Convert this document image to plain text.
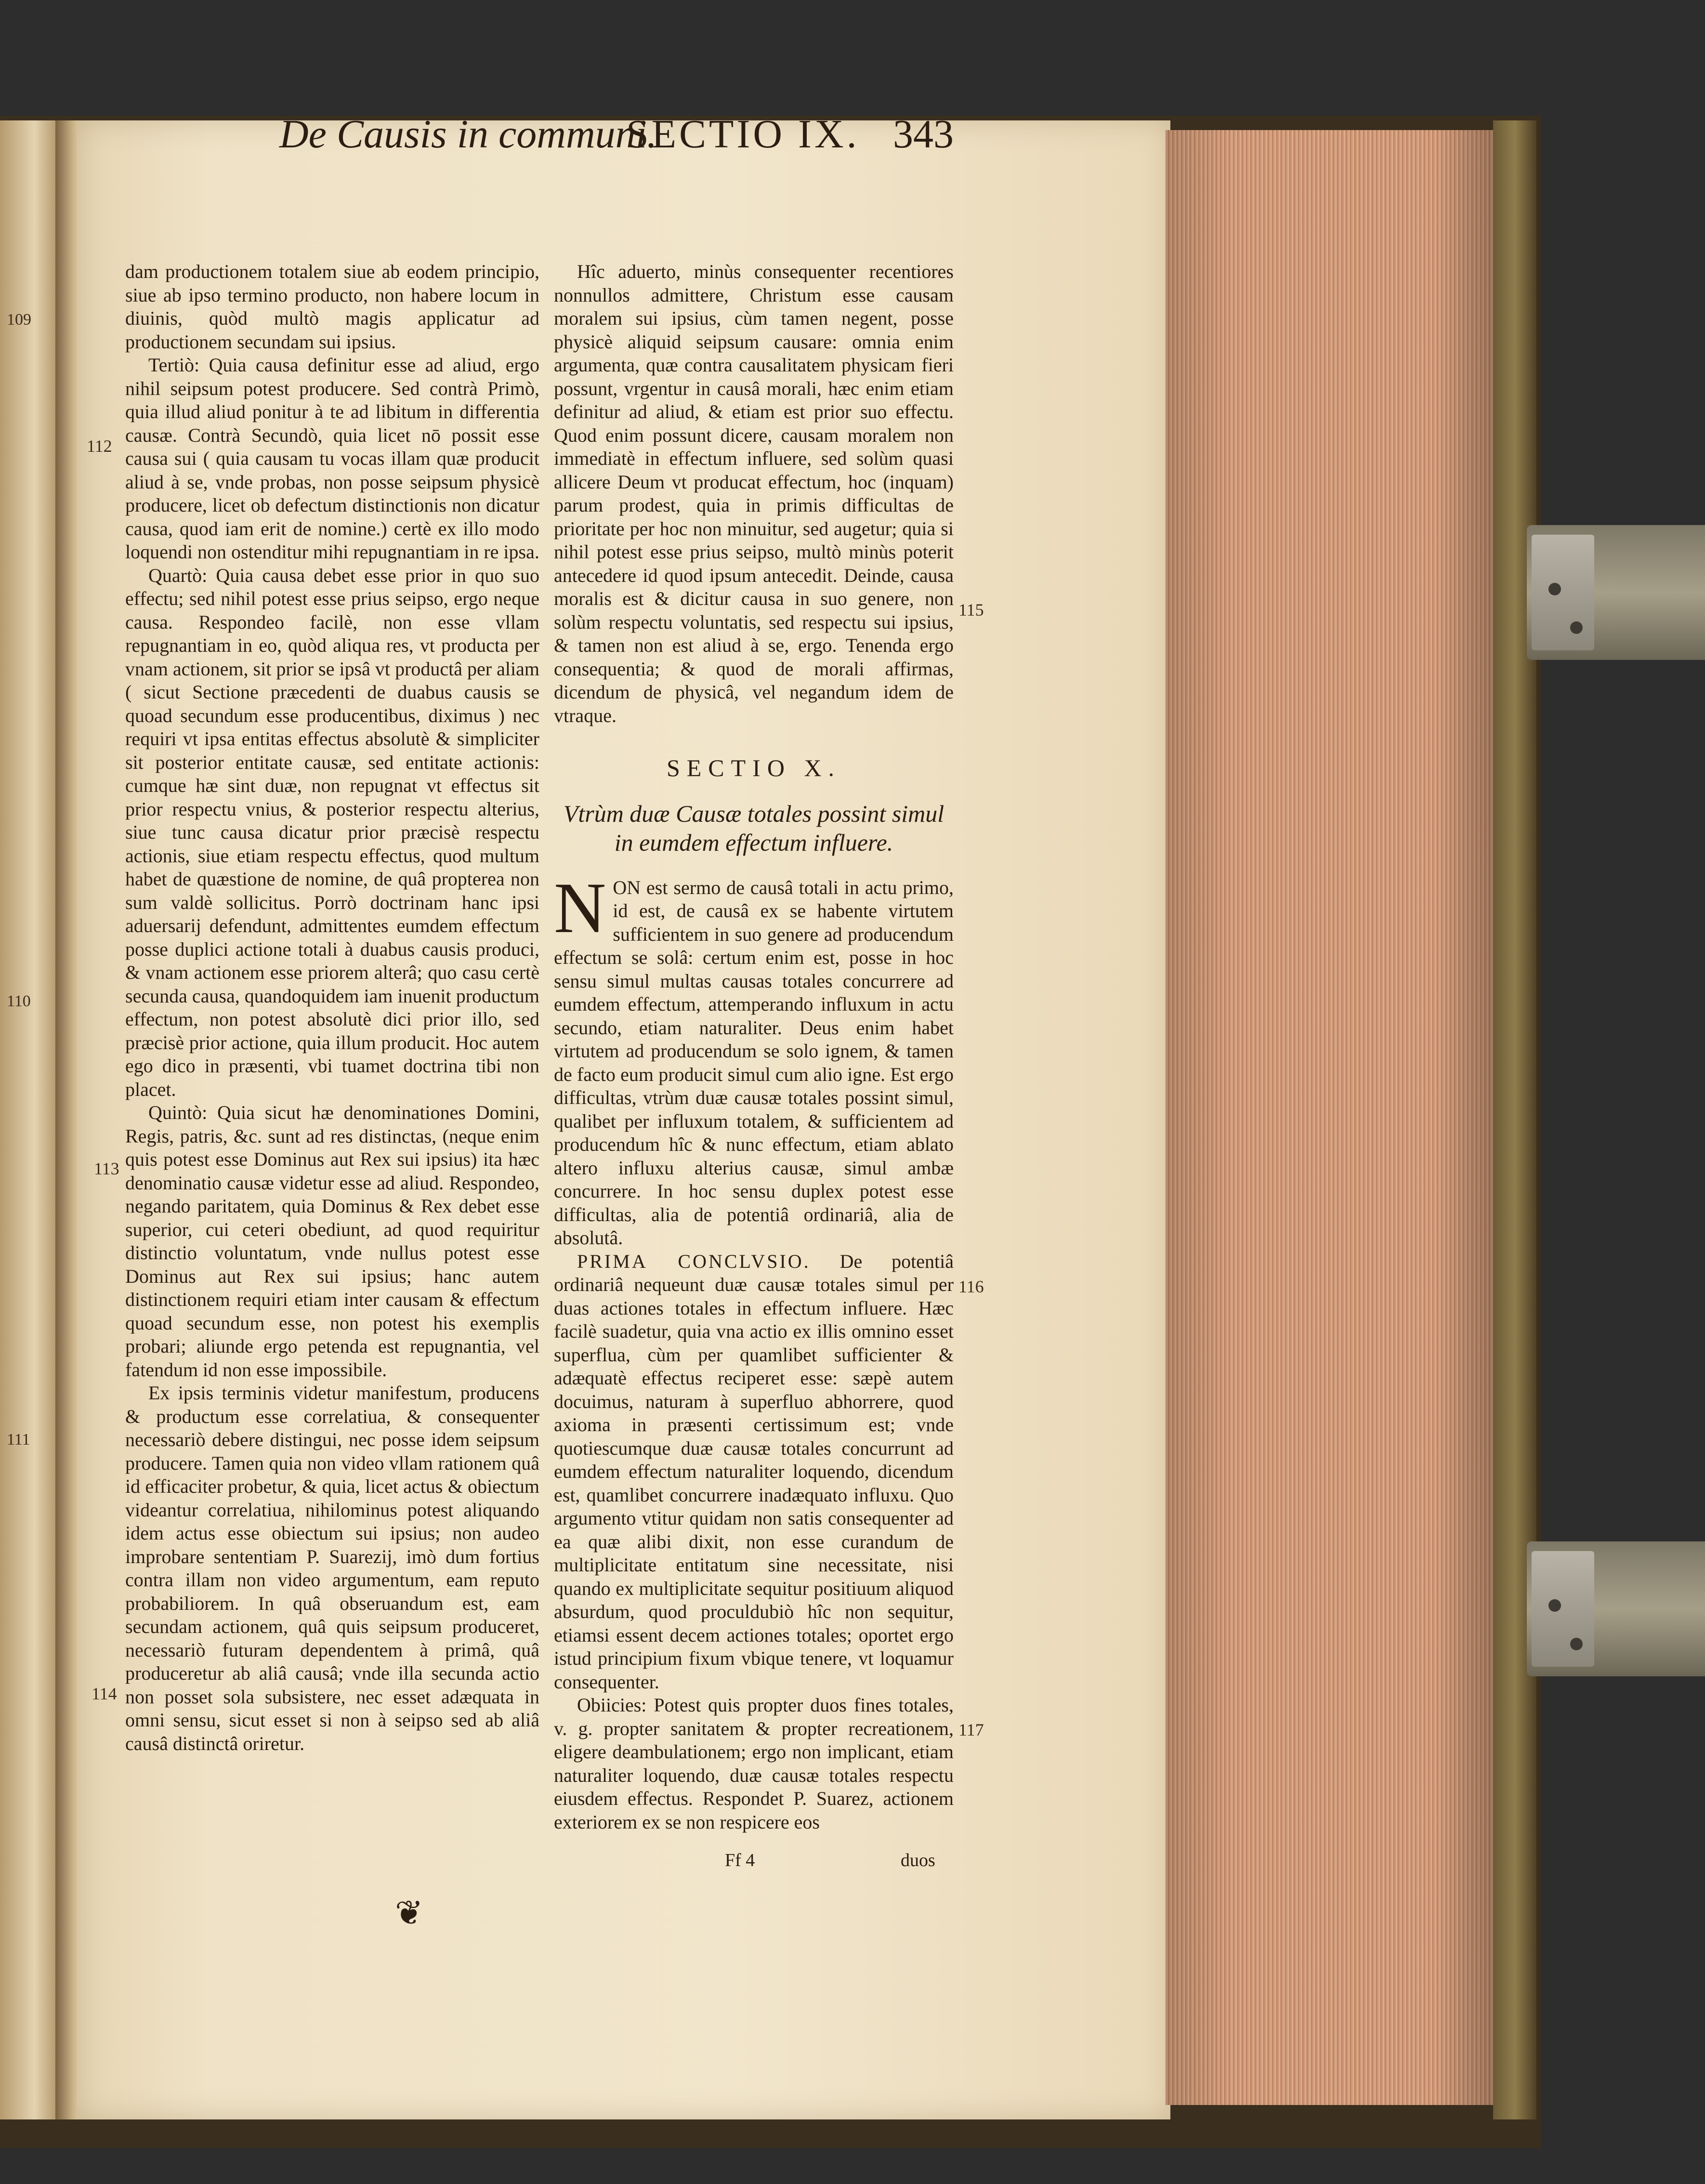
109
110
111
De Causis in communi.
SECTIO IX. 343
112
113
114
115
116
117

dam productionem totalem siue ab eodem principio, siue ab ipso termino producto, non habere locum in diuinis, quòd multò magis applicatur ad productionem secundam sui ipsius.

Tertiò: Quia causa definitur esse ad aliud, ergo nihil seipsum potest producere. Sed contrà Primò, quia illud aliud ponitur à te ad libitum in differentia causæ. Contrà Secundò, quia licet nō possit esse causa sui ( quia causam tu vocas illam quæ producit aliud à se, vnde probas, non posse seipsum physicè producere, licet ob defectum distinctionis non dicatur causa, quod iam erit de nomine.) certè ex illo modo loquendi non ostenditur mihi repugnantiam in re ipsa.

Quartò: Quia causa debet esse prior in quo suo effectu; sed nihil potest esse prius seipso, ergo neque causa. Respondeo facilè, non esse vllam repugnantiam in eo, quòd aliqua res, vt producta per vnam actionem, sit prior se ipsâ vt productâ per aliam ( sicut Sectione præcedenti de duabus causis se quoad secundum esse producentibus, diximus ) nec requiri vt ipsa entitas effectus absolutè & simpliciter sit posterior entitate causæ, sed entitate actionis: cumque hæ sint duæ, non repugnat vt effectus sit prior respectu vnius, & posterior respectu alterius, siue tunc causa dicatur prior præcisè respectu actionis, siue etiam respectu effectus, quod multum habet de quæstione de nomine, de quâ propterea non sum valdè sollicitus. Porrò doctrinam hanc ipsi aduersarij defendunt, admittentes eumdem effectum posse duplici actione totali à duabus causis produci, & vnam actionem esse priorem alterâ; quo casu certè secunda causa, quandoquidem iam inuenit productum effectum, non potest absolutè dici prior illo, sed præcisè prior actione, quia illum producit. Hoc autem ego dico in præsenti, vbi tuamet doctrina tibi non placet.

Quintò: Quia sicut hæ denominationes Domini, Regis, patris, &c. sunt ad res distinctas, (neque enim quis potest esse Dominus aut Rex sui ipsius) ita hæc denominatio causæ videtur esse ad aliud. Respondeo, negando paritatem, quia Dominus & Rex debet esse superior, cui ceteri obediunt, ad quod requiritur distinctio voluntatum, vnde nullus potest esse Dominus aut Rex sui ipsius; hanc autem distinctionem requiri etiam inter causam & effectum quoad secundum esse, non potest his exemplis probari; aliunde ergo petenda est repugnantia, vel fatendum id non esse impossibile.

Ex ipsis terminis videtur manifestum, producens & productum esse correlatiua, & consequenter necessariò debere distingui, nec posse idem seipsum producere. Tamen quia non video vllam rationem quâ id efficaciter probetur, & quia, licet actus & obiectum videantur correlatiua, nihilominus potest aliquando idem actus esse obiectum sui ipsius; non audeo improbare sententiam P. Suarezij, imò dum fortius contra illam non video argumentum, eam reputo probabiliorem. In quâ obseruandum est, eam secundam actionem, quâ quis seipsum produceret, necessariò futuram dependentem à primâ, quâ produceretur ab aliâ causâ; vnde illa secunda actio non posset sola subsistere, nec esset adæquata in omni sensu, sicut esset si non à seipso sed ab aliâ causâ distinctâ oriretur.

Hîc aduerto, minùs consequenter recentiores nonnullos admittere, Christum esse causam moralem sui ipsius, cùm tamen negent, posse physicè aliquid seipsum causare: omnia enim argumenta, quæ contra causalitatem physicam fieri possunt, vrgentur in causâ morali, hæc enim etiam definitur ad aliud, & etiam est prior suo effectu. Quod enim possunt dicere, causam moralem non immediatè in effectum influere, sed solùm quasi allicere Deum vt producat effectum, hoc (inquam) parum prodest, quia in primis difficultas de prioritate per hoc non minuitur, sed augetur; quia si nihil potest esse prius seipso, multò minùs poterit antecedere id quod ipsum antecedit. Deinde, causa moralis est & dicitur causa in suo genere, non solùm respectu voluntatis, sed respectu sui ipsius, & tamen non est aliud à se, ergo. Tenenda ergo consequentia; & quod de morali affirmas, dicendum de physicâ, vel negandum idem de vtraque.

SECTIO X.
Vtrùm duæ Causæ totales possint simul in eumdem effectum influere.

NON est sermo de causâ totali in actu primo, id est, de causâ ex se habente virtutem sufficientem in suo genere ad producendum effectum se solâ: certum enim est, posse in hoc sensu simul multas causas totales concurrere ad eumdem effectum, attemperando influxum in actu secundo, etiam naturaliter. Deus enim habet virtutem ad producendum se solo ignem, & tamen de facto eum producit simul cum alio igne. Est ergo difficultas, vtrùm duæ causæ totales possint simul, qualibet per influxum totalem, & sufficientem ad producendum hîc & nunc effectum, etiam ablato altero influxu alterius causæ, simul ambæ concurrere. In hoc sensu duplex potest esse difficultas, alia de potentiâ ordinariâ, alia de absolutâ.

PRIMA CONCLVSIO. De potentiâ ordinariâ nequeunt duæ causæ totales simul per duas actiones totales in effectum influere. Hæc facilè suadetur, quia vna actio ex illis omnino esset superflua, cùm per quamlibet sufficienter & adæquatè effectus reciperet esse: sæpè autem docuimus, naturam à superfluo abhorrere, quod axioma in præsenti certissimum est; vnde quotiescumque duæ causæ totales concurrunt ad eumdem effectum naturaliter loquendo, dicendum est, quamlibet concurrere inadæquato influxu. Quo argumento vtitur quidam non satis consequenter ad ea quæ alibi dixit, non esse curandum de multiplicitate entitatum sine necessitate, nisi quando ex multiplicitate sequitur positiuum aliquod absurdum, quod proculdubiò hîc non sequitur, etiamsi essent decem actiones totales; oportet ergo istud principium fixum vbique tenere, vt loquamur consequenter.

Obiicies: Potest quis propter duos fines totales, v. g. propter sanitatem & propter recreationem, eligere deambulationem; ergo non implicant, etiam naturaliter loquendo, duæ causæ totales respectu eiusdem effectus. Respondet P. Suarez, actionem exteriorem ex se non respicere eos

Ff 4	duos
❦
